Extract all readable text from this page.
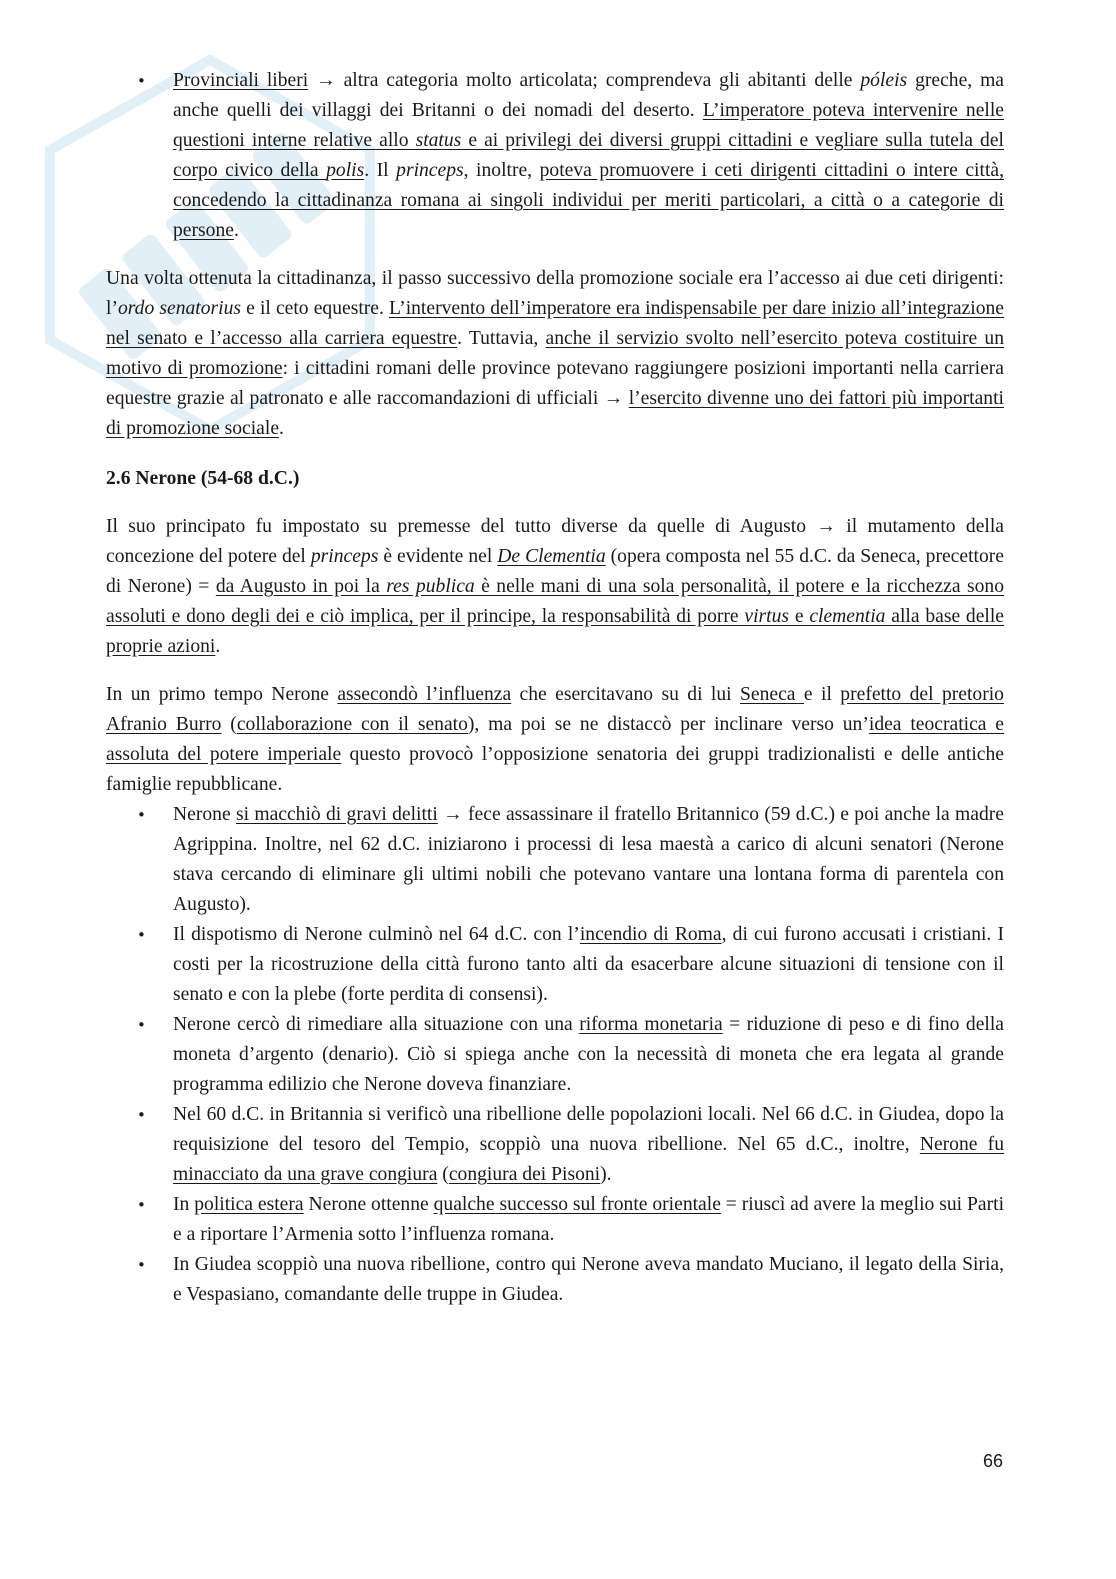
• Provinciali liberi → altra categoria molto articolata; comprendeva gli abitanti delle póleis greche, ma anche quelli dei villaggi dei Britanni o dei nomadi del deserto. L’imperatore poteva intervenire nelle questioni interne relative allo status e ai privilegi dei diversi gruppi cittadini e vegliare sulla tutela del corpo civico della polis. Il princeps, inoltre, poteva promuovere i ceti dirigenti cittadini o intere città, concedendo la cittadinanza romana ai singoli individui per meriti particolari, a città o a categorie di persone.

Una volta ottenuta la cittadinanza, il passo successivo della promozione sociale era l’accesso ai due ceti dirigenti: l’ordo senatorius e il ceto equestre. L’intervento dell’imperatore era indispensabile per dare inizio all’integrazione nel senato e l’accesso alla carriera equestre. Tuttavia, anche il servizio svolto nell’esercito poteva costituire un motivo di promozione: i cittadini romani delle province potevano raggiungere posizioni importanti nella carriera equestre grazie al patronato e alle raccomandazioni di ufficiali → l’esercito divenne uno dei fattori più importanti di promozione sociale.

2.6 Nerone (54-68 d.C.)

Il suo principato fu impostato su premesse del tutto diverse da quelle di Augusto → il mutamento della concezione del potere del princeps è evidente nel De Clementia (opera composta nel 55 d.C. da Seneca, precettore di Nerone) = da Augusto in poi la res publica è nelle mani di una sola personalità, il potere e la ricchezza sono assoluti e dono degli dei e ciò implica, per il principe, la responsabilità di porre virtus e clementia alla base delle proprie azioni.

In un primo tempo Nerone assecondò l’influenza che esercitavano su di lui Seneca e il prefetto del pretorio Afranio Burro (collaborazione con il senato), ma poi se ne distaccò per inclinare verso un’idea teocratica e assoluta del potere imperiale questo provocò l’opposizione senatoria dei gruppi tradizionalisti e delle antiche famiglie repubblicane.

• Nerone si macchiò di gravi delitti → fece assassinare il fratello Britannico (59 d.C.) e poi anche la madre Agrippina. Inoltre, nel 62 d.C. iniziarono i processi di lesa maestà a carico di alcuni senatori (Nerone stava cercando di eliminare gli ultimi nobili che potevano vantare una lontana forma di parentela con Augusto).
• Il dispotismo di Nerone culminò nel 64 d.C. con l’incendio di Roma, di cui furono accusati i cristiani. I costi per la ricostruzione della città furono tanto alti da esacerbare alcune situazioni di tensione con il senato e con la plebe (forte perdita di consensi).
• Nerone cercò di rimediare alla situazione con una riforma monetaria = riduzione di peso e di fino della moneta d’argento (denario). Ciò si spiega anche con la necessità di moneta che era legata al grande programma edilizio che Nerone doveva finanziare.
• Nel 60 d.C. in Britannia si verificò una ribellione delle popolazioni locali. Nel 66 d.C. in Giudea, dopo la requisizione del tesoro del Tempio, scoppiò una nuova ribellione. Nel 65 d.C., inoltre, Nerone fu minacciato da una grave congiura (congiura dei Pisoni).
• In politica estera Nerone ottenne qualche successo sul fronte orientale = riuscì ad avere la meglio sui Parti e a riportare l’Armenia sotto l’influenza romana.
• In Giudea scoppiò una nuova ribellione, contro qui Nerone aveva mandato Muciano, il legato della Siria, e Vespasiano, comandante delle truppe in Giudea.
66
